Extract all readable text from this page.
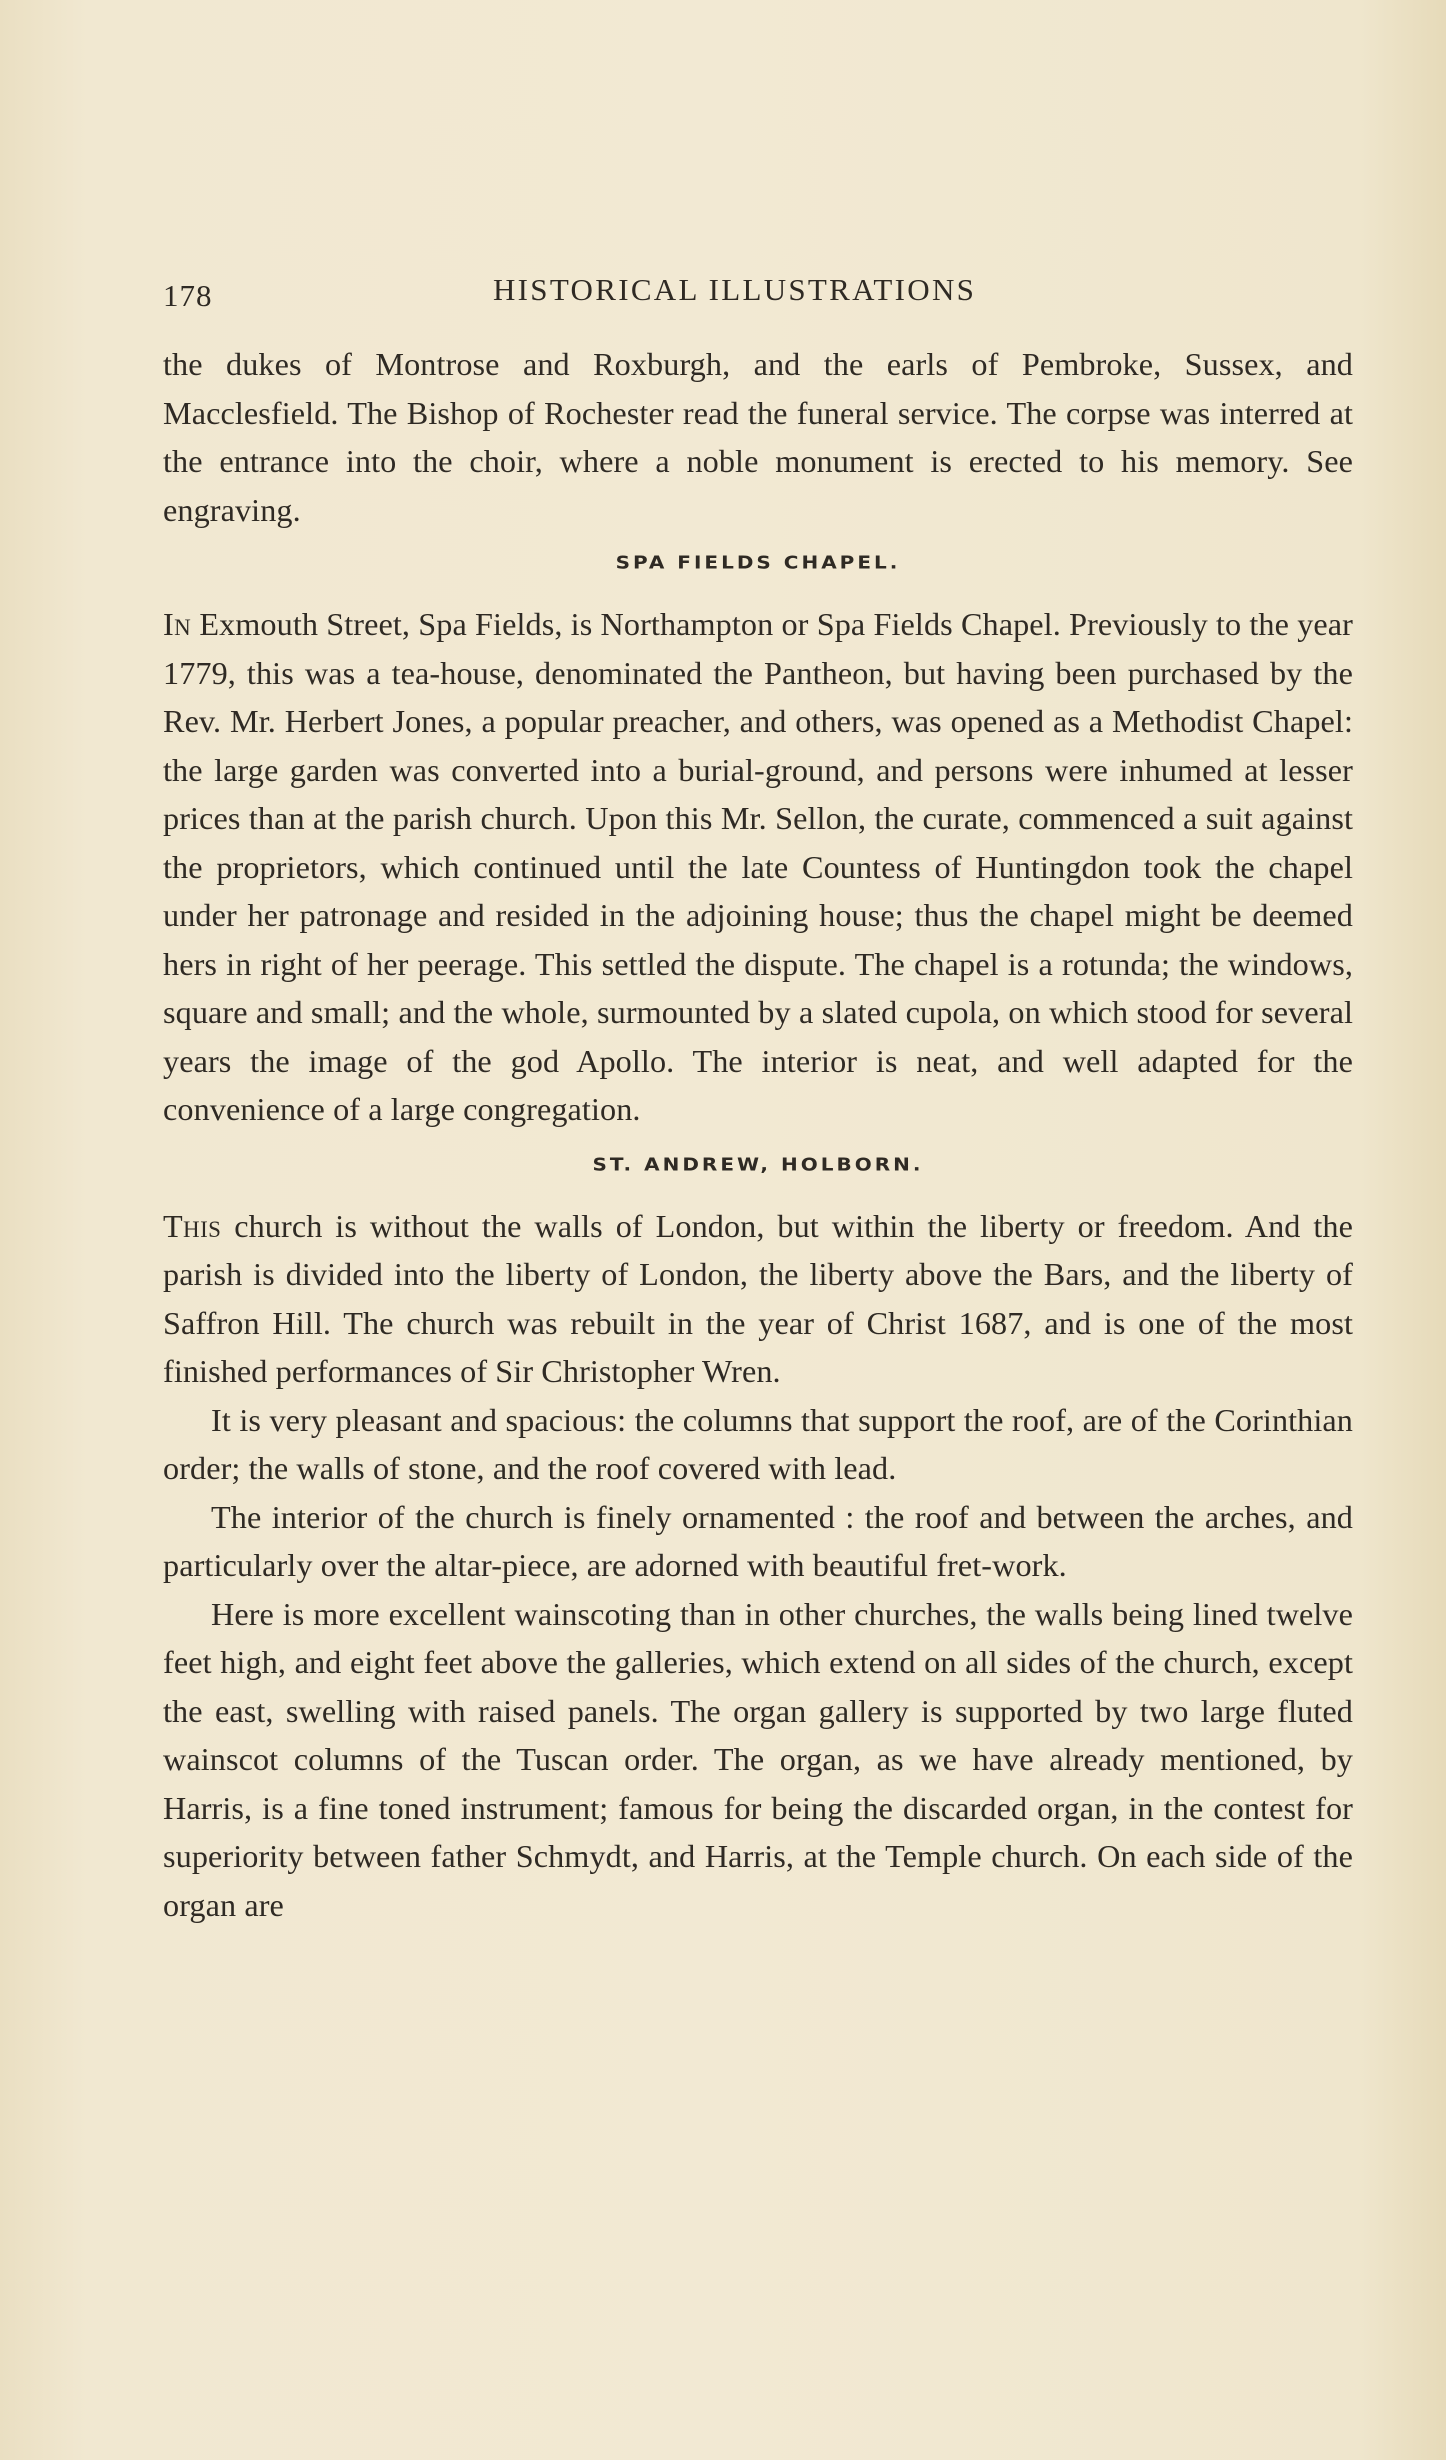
178	HISTORICAL ILLUSTRATIONS

the dukes of Montrose and Roxburgh, and the earls of Pembroke, Sussex, and Macclesfield. The Bishop of Rochester read the funeral service. The corpse was interred at the entrance into the choir, where a noble monument is erected to his memory. See engraving.

SPA FIELDS CHAPEL.

In Exmouth Street, Spa Fields, is Northampton or Spa Fields Chapel. Previously to the year 1779, this was a tea-house, denominated the Pantheon, but having been purchased by the Rev. Mr. Herbert Jones, a popular preacher, and others, was opened as a Methodist Chapel: the large garden was converted into a burial-ground, and persons were inhumed at lesser prices than at the parish church. Upon this Mr. Sellon, the curate, commenced a suit against the proprietors, which continued until the late Countess of Huntingdon took the chapel under her patronage and resided in the adjoining house; thus the chapel might be deemed hers in right of her peerage. This settled the dispute. The chapel is a rotunda; the windows, square and small; and the whole, surmounted by a slated cupola, on which stood for several years the image of the god Apollo. The interior is neat, and well adapted for the convenience of a large congregation.

ST. ANDREW, HOLBORN.

This church is without the walls of London, but within the liberty or freedom. And the parish is divided into the liberty of London, the liberty above the Bars, and the liberty of Saffron Hill. The church was rebuilt in the year of Christ 1687, and is one of the most finished performances of Sir Christopher Wren.

It is very pleasant and spacious: the columns that support the roof, are of the Corinthian order; the walls of stone, and the roof covered with lead.

The interior of the church is finely ornamented : the roof and between the arches, and particularly over the altar-piece, are adorned with beautiful fret-work.

Here is more excellent wainscoting than in other churches, the walls being lined twelve feet high, and eight feet above the galleries, which extend on all sides of the church, except the east, swelling with raised panels. The organ gallery is supported by two large fluted wainscot columns of the Tuscan order. The organ, as we have already mentioned, by Harris, is a fine toned instrument; famous for being the discarded organ, in the contest for superiority between father Schmydt, and Harris, at the Temple church. On each side of the organ are
